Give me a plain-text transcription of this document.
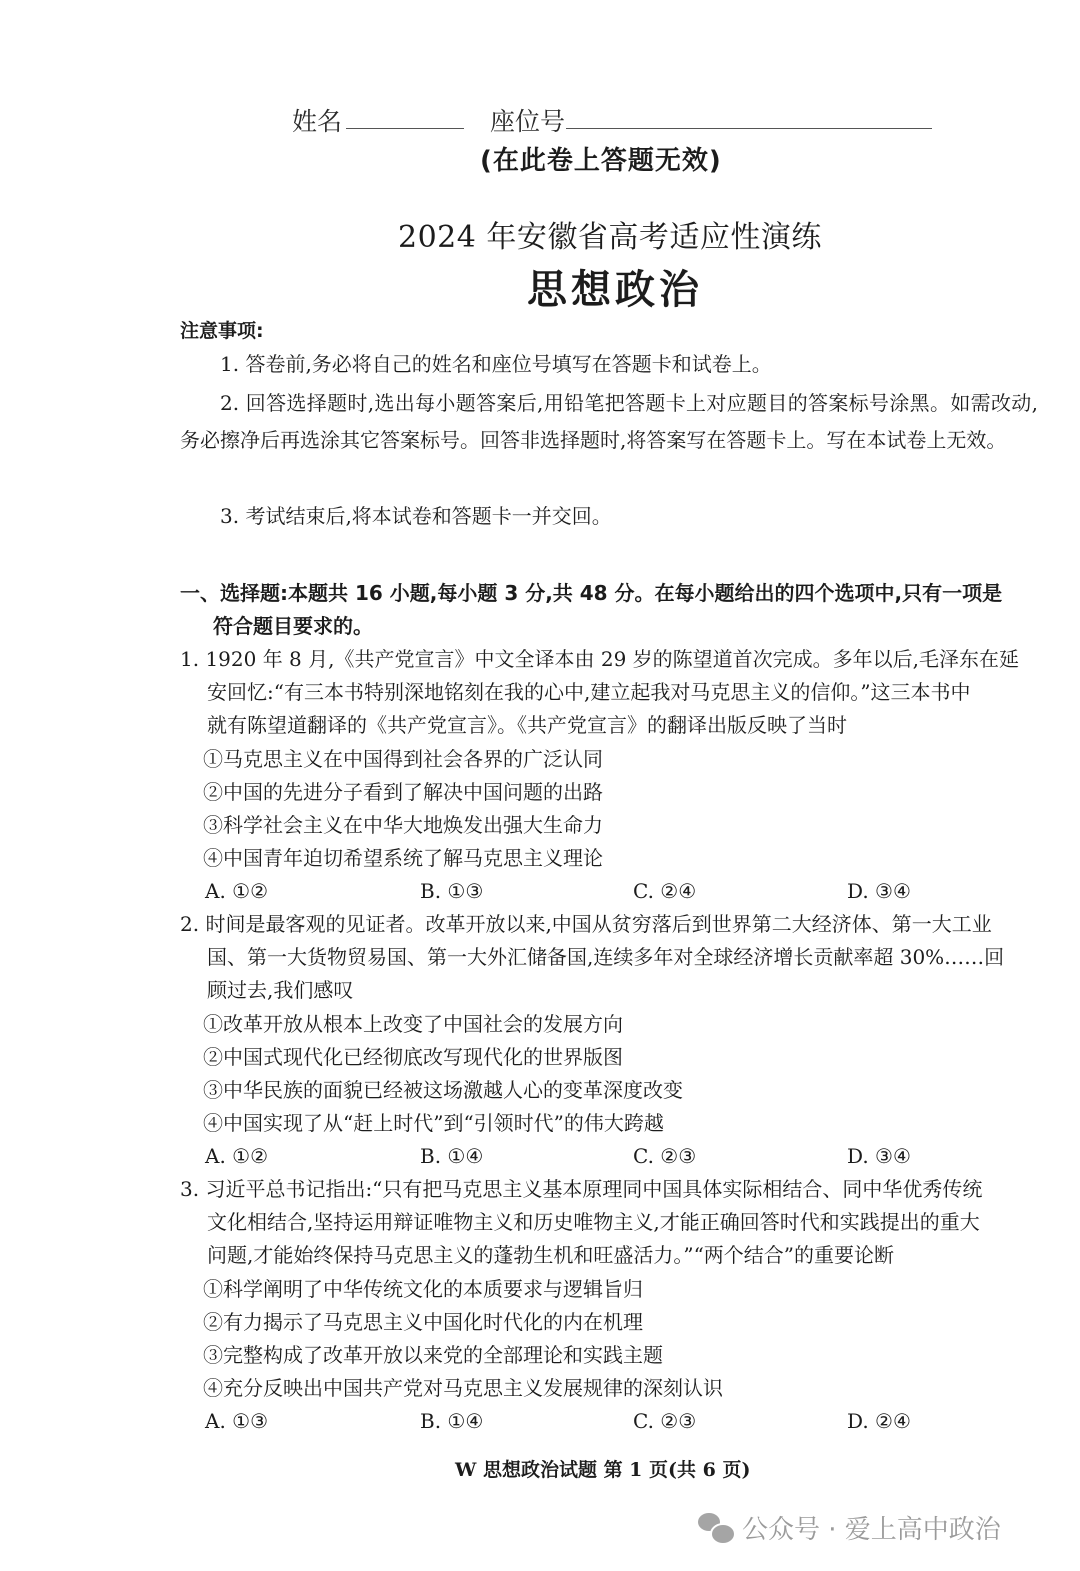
姓名	座位号
(在此卷上答题无效)
2024 年安徽省高考适应性演练
思想政治
注意事项:
1. 答卷前,务必将自己的姓名和座位号填写在答题卡和试卷上。
2. 回答选择题时,选出每小题答案后,用铅笔把答题卡上对应题目的答案标号涂黑。如需改动,务必擦净后再选涂其它答案标号。回答非选择题时,将答案写在答题卡上。写在本试卷上无效。
3. 考试结束后,将本试卷和答题卡一并交回。
一、选择题:本题共 16 小题,每小题 3 分,共 48 分。在每小题给出的四个选项中,只有一项是
符合题目要求的。
1. 1920 年 8 月,《共产党宣言》中文全译本由 29 岁的陈望道首次完成。多年以后,毛泽东在延
安回忆:“有三本书特别深地铭刻在我的心中,建立起我对马克思主义的信仰。”这三本书中
就有陈望道翻译的《共产党宣言》。《共产党宣言》的翻译出版反映了当时
①马克思主义在中国得到社会各界的广泛认同
②中国的先进分子看到了解决中国问题的出路
③科学社会主义在中华大地焕发出强大生命力
④中国青年迫切希望系统了解马克思主义理论
A. ①②	B. ①③	C. ②④	D. ③④
2. 时间是最客观的见证者。改革开放以来,中国从贫穷落后到世界第二大经济体、第一大工业
国、第一大货物贸易国、第一大外汇储备国,连续多年对全球经济增长贡献率超 30%……回
顾过去,我们感叹
①改革开放从根本上改变了中国社会的发展方向
②中国式现代化已经彻底改写现代化的世界版图
③中华民族的面貌已经被这场激越人心的变革深度改变
④中国实现了从“赶上时代”到“引领时代”的伟大跨越
A. ①②	B. ①④	C. ②③	D. ③④
3. 习近平总书记指出:“只有把马克思主义基本原理同中国具体实际相结合、同中华优秀传统
文化相结合,坚持运用辩证唯物主义和历史唯物主义,才能正确回答时代和实践提出的重大
问题,才能始终保持马克思主义的蓬勃生机和旺盛活力。”“两个结合”的重要论断
①科学阐明了中华传统文化的本质要求与逻辑旨归
②有力揭示了马克思主义中国化时代化的内在机理
③完整构成了改革开放以来党的全部理论和实践主题
④充分反映出中国共产党对马克思主义发展规律的深刻认识
A. ①③	B. ①④	C. ②③	D. ②④
W 思想政治试题 第 1 页(共 6 页)
公众号 · 爱上高中政治
